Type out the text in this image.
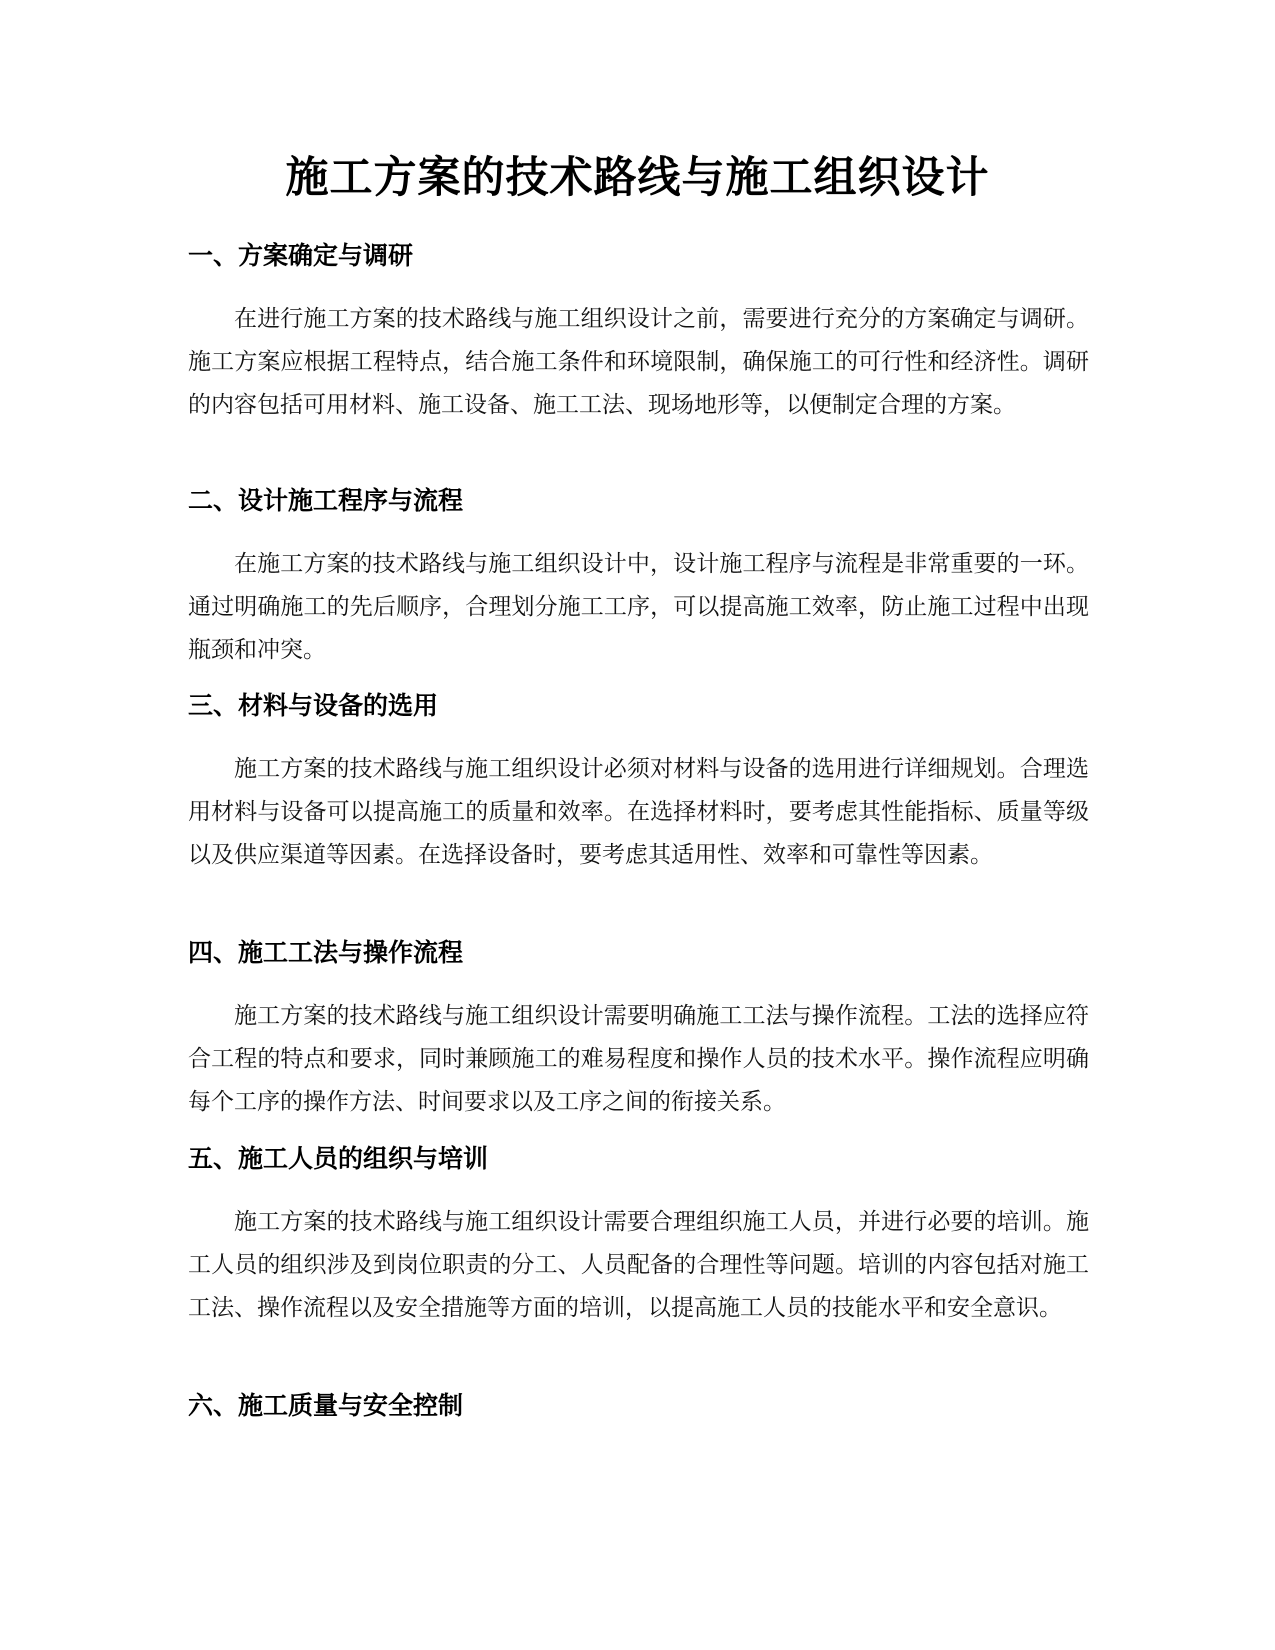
施工方案的技术路线与施工组织设计
一、方案确定与调研

在进行施工方案的技术路线与施工组织设计之前，需要进行充分的方案确定与调研。施工方案应根据工程特点，结合施工条件和环境限制，确保施工的可行性和经济性。调研的内容包括可用材料、施工设备、施工工法、现场地形等，以便制定合理的方案。

二、设计施工程序与流程

在施工方案的技术路线与施工组织设计中，设计施工程序与流程是非常重要的一环。通过明确施工的先后顺序，合理划分施工工序，可以提高施工效率，防止施工过程中出现瓶颈和冲突。

三、材料与设备的选用

施工方案的技术路线与施工组织设计必须对材料与设备的选用进行详细规划。合理选用材料与设备可以提高施工的质量和效率。在选择材料时，要考虑其性能指标、质量等级以及供应渠道等因素。在选择设备时，要考虑其适用性、效率和可靠性等因素。

四、施工工法与操作流程

施工方案的技术路线与施工组织设计需要明确施工工法与操作流程。工法的选择应符合工程的特点和要求，同时兼顾施工的难易程度和操作人员的技术水平。操作流程应明确每个工序的操作方法、时间要求以及工序之间的衔接关系。

五、施工人员的组织与培训

施工方案的技术路线与施工组织设计需要合理组织施工人员，并进行必要的培训。施工人员的组织涉及到岗位职责的分工、人员配备的合理性等问题。培训的内容包括对施工工法、操作流程以及安全措施等方面的培训，以提高施工人员的技能水平和安全意识。

六、施工质量与安全控制
